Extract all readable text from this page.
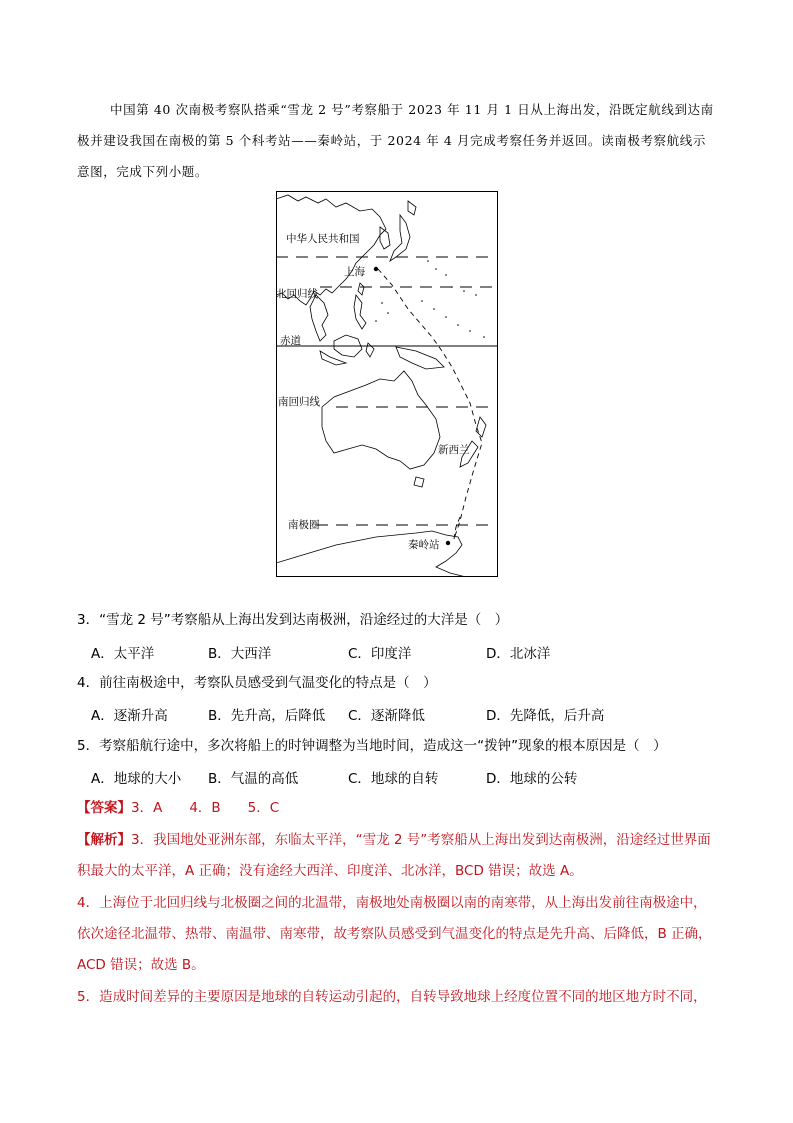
中国第 40 次南极考察队搭乘“雪龙 2 号”考察船于 2023 年 11 月 1 日从上海出发，沿既定航线到达南
极并建设我国在南极的第 5 个科考站——秦岭站，于 2024 年 4 月完成考察任务并返回。读南极考察航线示
意图，完成下列小题。
中华人民共和国
上海
北回归线
赤道
南回归线
新西兰
南极圈
秦岭站
3．“雪龙 2 号”考察船从上海出发到达南极洲，沿途经过的大洋是（　）
A．太平洋	B．大西洋	C．印度洋	D．北冰洋
4．前往南极途中，考察队员感受到气温变化的特点是（　）
A．逐渐升高	B．先升高，后降低 C．逐渐降低	D．先降低，后升高
5．考察船航行途中，多次将船上的时钟调整为当地时间，造成这一“拨钟”现象的根本原因是（　）
A．地球的大小 B．气温的高低	C．地球的自转	D．地球的公转
【答案】3．A　　4．B　　5．C
【解析】3．我国地处亚洲东部，东临太平洋，“雪龙 2 号”考察船从上海出发到达南极洲，沿途经过世界面
积最大的太平洋，A 正确；没有途经大西洋、印度洋、北冰洋，BCD 错误；故选 A。
4．上海位于北回归线与北极圈之间的北温带，南极地处南极圈以南的南寒带，从上海出发前往南极途中，
依次途径北温带、热带、南温带、南寒带，故考察队员感受到气温变化的特点是先升高、后降低，B 正确，
ACD 错误；故选 B。
5．造成时间差异的主要原因是地球的自转运动引起的，自转导致地球上经度位置不同的地区地方时不同，
